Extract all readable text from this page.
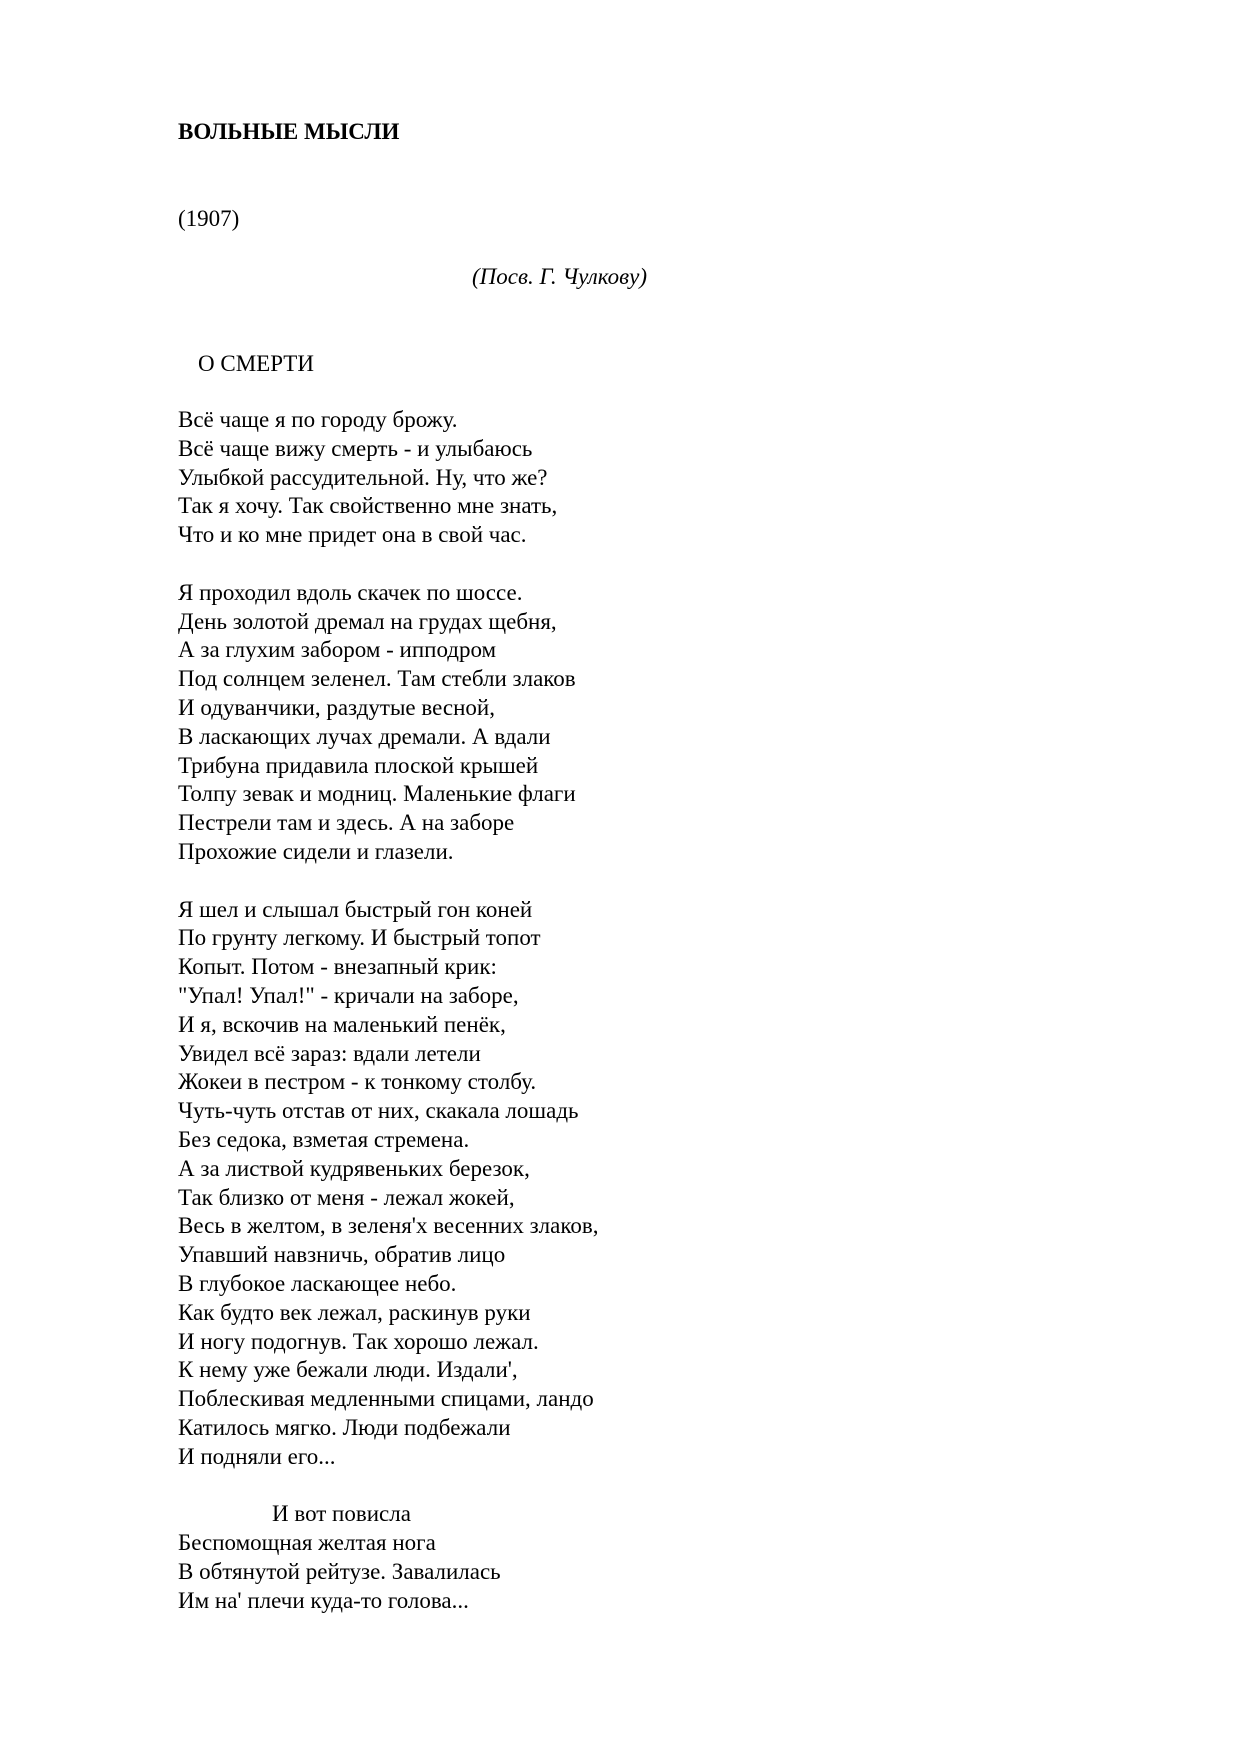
ВОЛЬНЫЕ МЫСЛИ

(1907)

(Посв. Г. Чулкову)

О СМЕРТИ

Всё чаще я по городу брожу.
Всё чаще вижу смерть - и улыбаюсь
Улыбкой рассудительной. Ну, что же?
Так я хочу. Так свойственно мне знать,
Что и ко мне придет она в свой час.
Я проходил вдоль скачек по шоссе.
День золотой дремал на грудах щебня,
А за глухим забором - ипподром
Под солнцем зеленел. Там стебли злаков
И одуванчики, раздутые весной,
В ласкающих лучах дремали. А вдали
Трибуна придавила плоской крышей
Толпу зевак и модниц. Маленькие флаги
Пестрели там и здесь. А на заборе
Прохожие сидели и глазели.
Я шел и слышал быстрый гон коней
По грунту легкому. И быстрый топот
Копыт. Потом - внезапный крик:
"Упал! Упал!" - кричали на заборе,
И я, вскочив на маленький пенёк,
Увидел всё зараз: вдали летели
Жокеи в пестром - к тонкому столбу.
Чуть-чуть отстав от них, скакала лошадь
Без седока, взметая стремена.
А за листвой кудрявеньких березок,
Так близко от меня - лежал жокей,
Весь в желтом, в зеленя'х весенних злаков,
Упавший навзничь, обратив лицо
В глубокое ласкающее небо.
Как будто век лежал, раскинув руки
И ногу подогнув. Так хорошо лежал.
К нему уже бежали люди. Издали',
Поблескивая медленными спицами, ландо
Катилось мягко. Люди подбежали
И подняли его...
И вот повисла
Беспомощная желтая нога
В обтянутой рейтузе. Завалилась
Им на' плечи куда-то голова...
